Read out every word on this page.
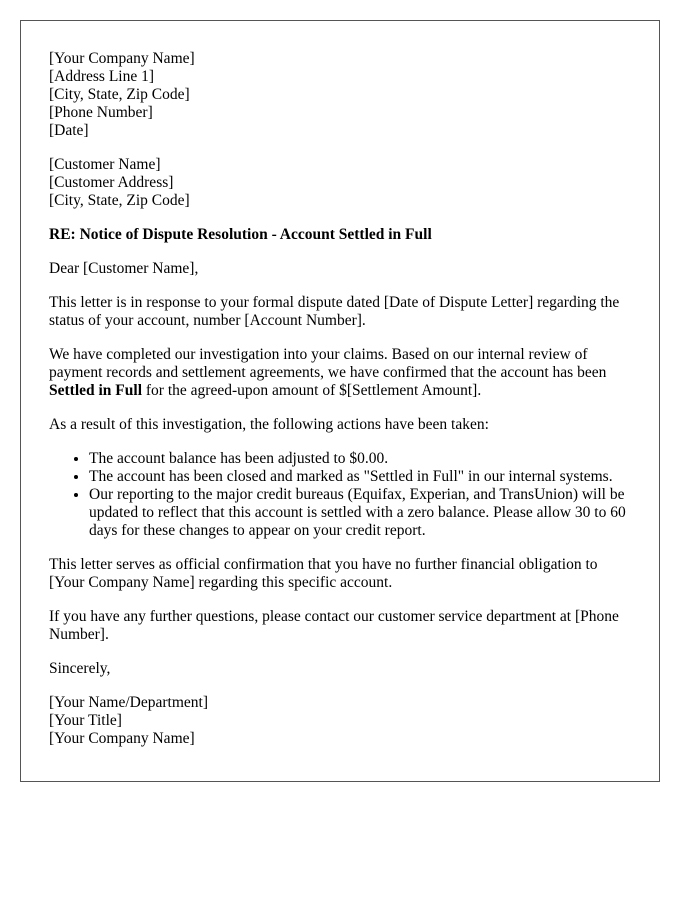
[Your Company Name]
[Address Line 1]
[City, State, Zip Code]
[Phone Number]
[Date]
[Customer Name]
[Customer Address]
[City, State, Zip Code]

RE: Notice of Dispute Resolution - Account Settled in Full

Dear [Customer Name],

This letter is in response to your formal dispute dated [Date of Dispute Letter] regarding the status of your account, number [Account Number].

We have completed our investigation into your claims. Based on our internal review of payment records and settlement agreements, we have confirmed that the account has been Settled in Full for the agreed-upon amount of $[Settlement Amount].

As a result of this investigation, the following actions have been taken:

• The account balance has been adjusted to $0.00.
• The account has been closed and marked as "Settled in Full" in our internal systems.
• Our reporting to the major credit bureaus (Equifax, Experian, and TransUnion) will be updated to reflect that this account is settled with a zero balance. Please allow 30 to 60 days for these changes to appear on your credit report.

This letter serves as official confirmation that you have no further financial obligation to [Your Company Name] regarding this specific account.

If you have any further questions, please contact our customer service department at [Phone Number].

Sincerely,

[Your Name/Department]
[Your Title]
[Your Company Name]
